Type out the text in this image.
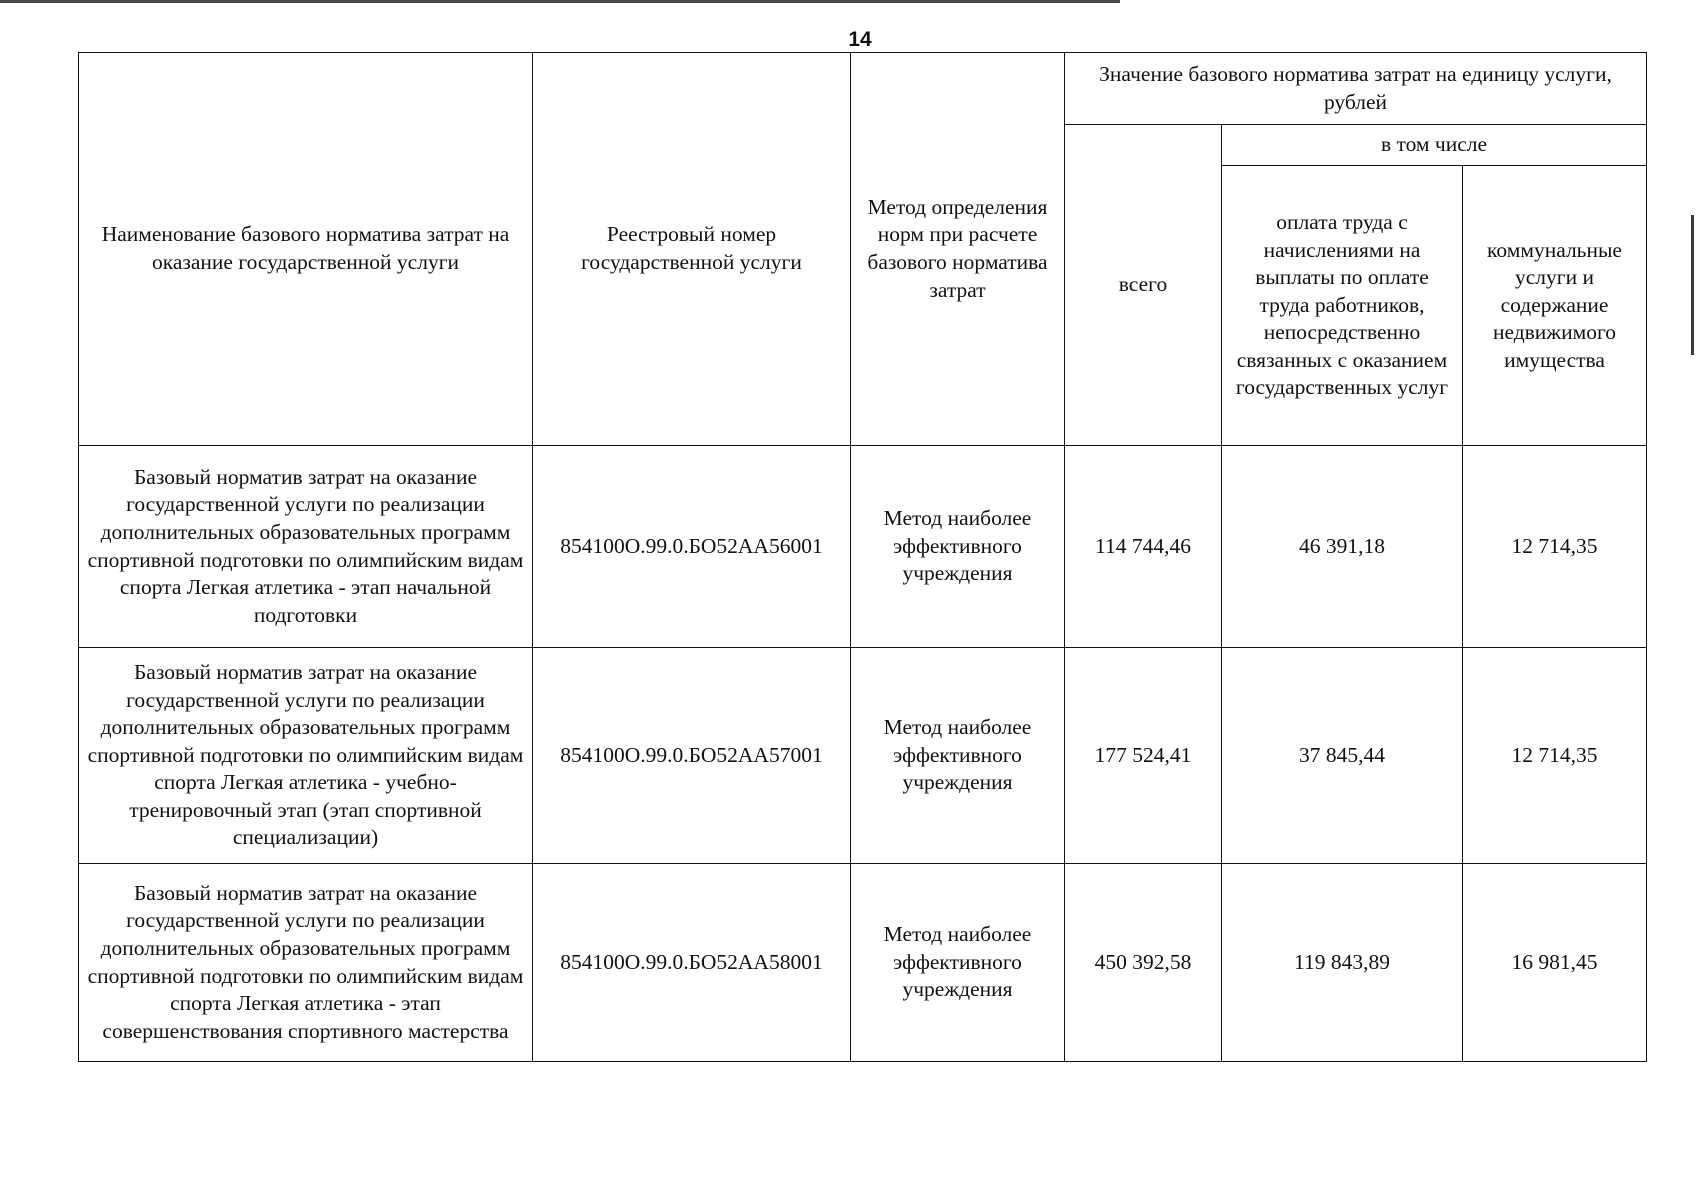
14
Наименование базового норматива затрат на оказание государственной услуги	Реестровый номер государственной услуги	Метод определения норм при расчете базового норматива затрат	Значение базового норматива затрат на единицу услуги, рублей		
			всего	в том числе	
				оплата труда с начислениями на выплаты по оплате труда работников, непосредственно связанных с оказанием государственных услуг	коммунальные услуги и содержание недвижимого имущества
Базовый норматив затрат на оказание государственной услуги по реализации дополнительных образовательных программ спортивной подготовки по олимпийским видам спорта Легкая атлетика - этап начальной подготовки	854100О.99.0.БО52АА56001	Метод наиболее эффективного учреждения	114 744,46	46 391,18	12 714,35
Базовый норматив затрат на оказание государственной услуги по реализации дополнительных образовательных программ спортивной подготовки по олимпийским видам спорта Легкая атлетика - учебно-тренировочный этап (этап спортивной специализации)	854100О.99.0.БО52АА57001	Метод наиболее эффективного учреждения	177 524,41	37 845,44	12 714,35
Базовый норматив затрат на оказание государственной услуги по реализации дополнительных образовательных программ спортивной подготовки по олимпийским видам спорта Легкая атлетика - этап совершенствования спортивного мастерства	854100О.99.0.БО52АА58001	Метод наиболее эффективного учреждения	450 392,58	119 843,89	16 981,45
